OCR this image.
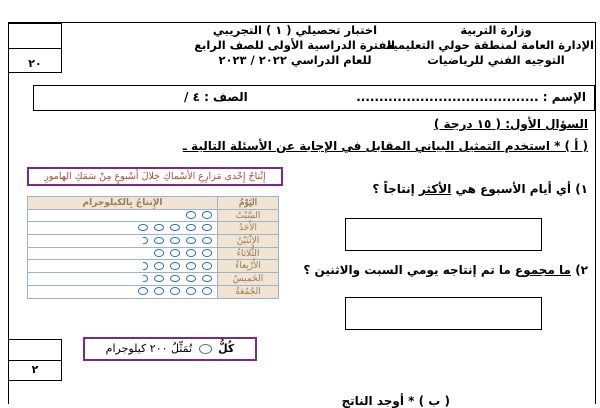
٢٠
وزارة التربية
الإدارة العامة لمنطقة حولي التعليمية
التوجيه الفني للرياضيات
اختبار تحصيلي ( ١ ) التجريبي
الفترة الدراسية الأولى للصف الرابع
للعام الدراسي ٢٠٢٢ / ٢٠٢٣
الإسم : ........................................
الصف : ٤ /
السؤال الأول: ( ١٥ درجة )
( أ ) * استخدم التمثيل البياني المقابل في الإجابة عن الأسئلة التالية ـ
إِنْتاجُ إِحْدى مَزارِعِ الأَسْماكِ خِلالَ أُسْبوعٍ مِنْ سَمَكِ الهامورِ
اليَوْمُ	الإِنتاجُ بِالكيلوجرام
السَّبْتُ	
الأَحَدُ	
الاِثْنَيْنُ	
الثُّلاثاءُ	
الأَرْبِعاءُ	
الخَميسُ	
الجُمُعَةُ	
كُلُّ  تُمَثِّلُ ٢٠٠ كيلوجرام
٢
١) أي أيام الأسبوع هي الأكثر إنتاجاً ؟
٢) ما مجموع ما تم إنتاجه يومي السبت والاثنين ؟
( ب ) * أوجد الناتج
